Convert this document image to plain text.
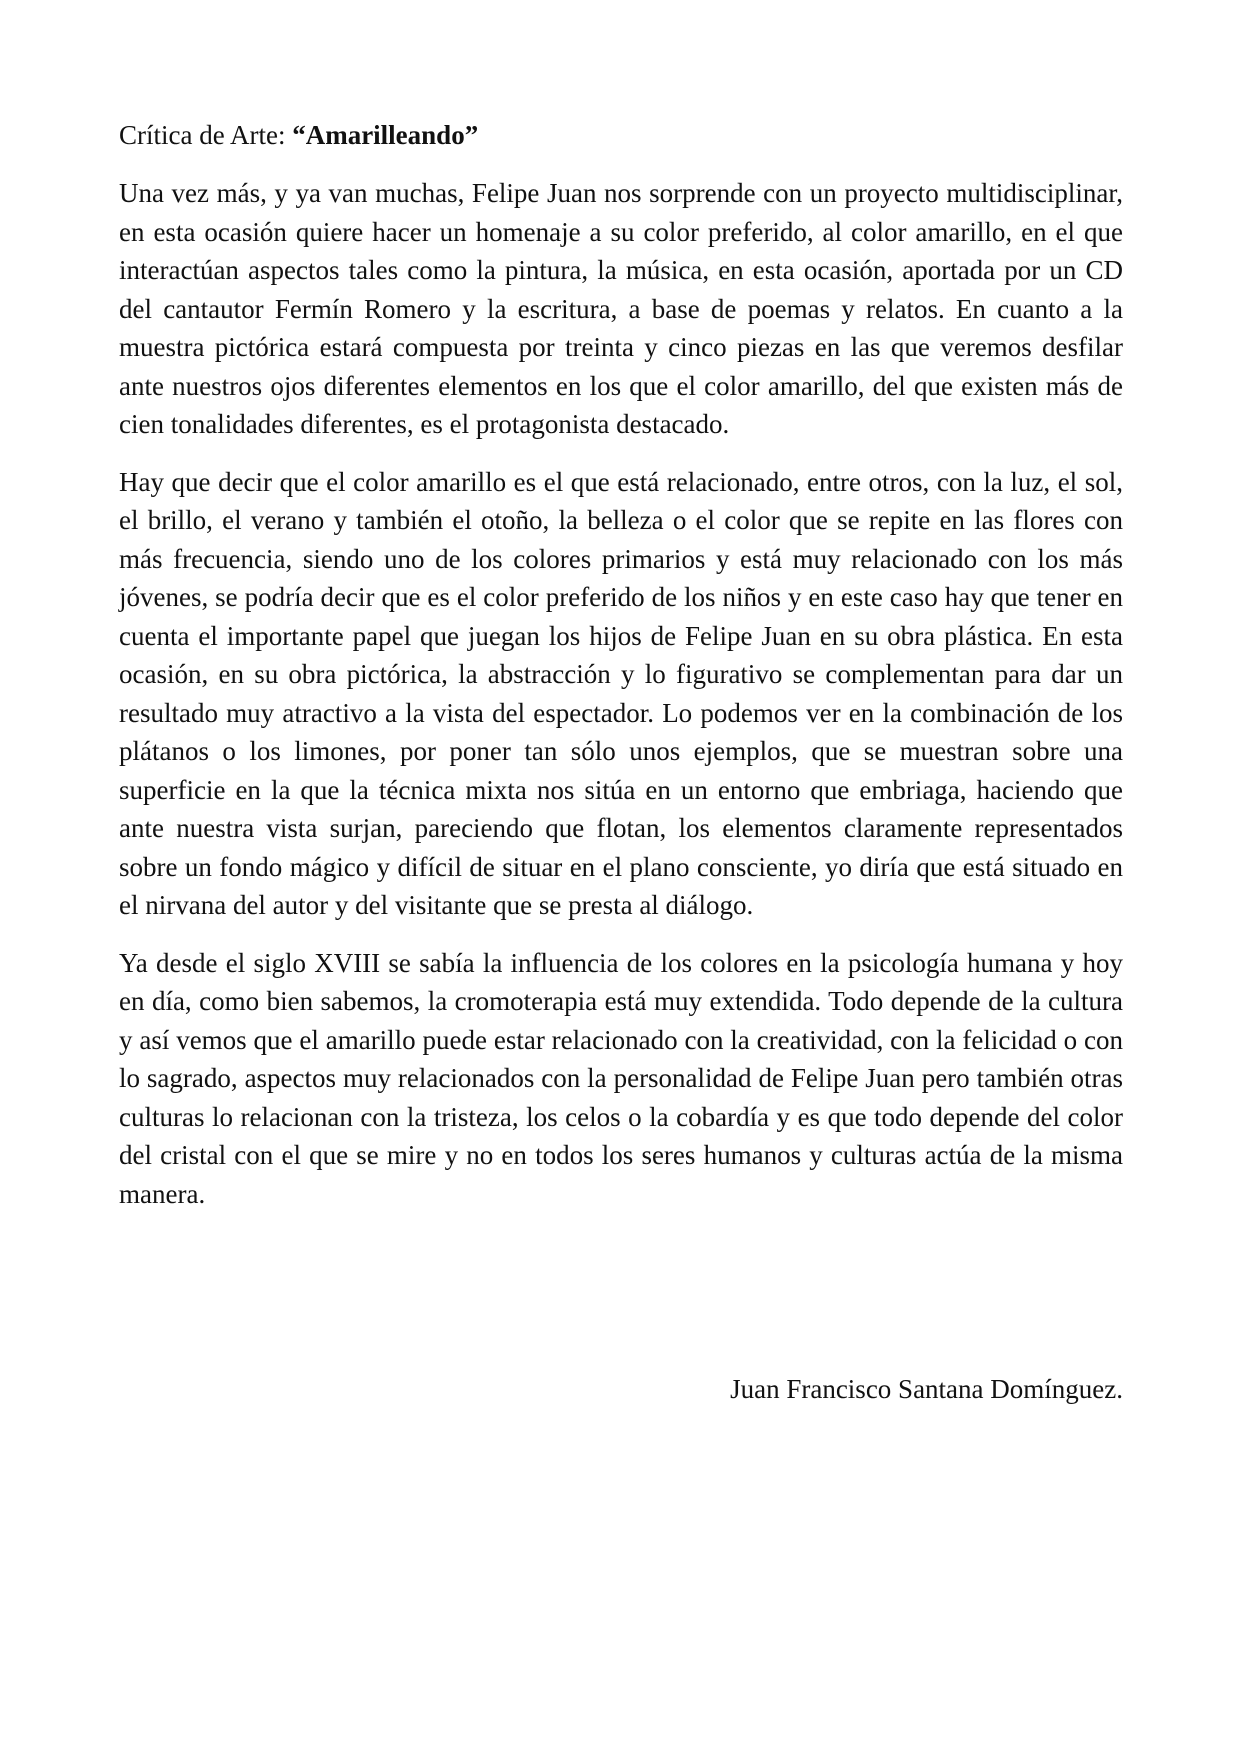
Crítica de Arte: “Amarilleando”

Una vez más, y ya van muchas, Felipe Juan nos sorprende con un proyecto multidisciplinar, en esta ocasión quiere hacer un homenaje a su color preferido, al color amarillo, en el que interactúan aspectos tales como la pintura, la música, en esta ocasión, aportada por un CD del cantautor Fermín Romero y la escritura, a base de poemas y relatos. En cuanto a la muestra pictórica estará compuesta por treinta y cinco piezas en las que veremos desfilar ante nuestros ojos diferentes elementos en los que el color amarillo, del que existen más de cien tonalidades diferentes, es el protagonista destacado.

Hay que decir que el color amarillo es el que está relacionado, entre otros, con la luz, el sol, el brillo, el verano y también el otoño, la belleza o el color que se repite en las flores con más frecuencia, siendo uno de los colores primarios y está muy relacionado con los más jóvenes, se podría decir que es el color preferido de los niños y en este caso hay que tener en cuenta el importante papel que juegan los hijos de Felipe Juan en su obra plástica. En esta ocasión, en su obra pictórica, la abstracción y lo figurativo se complementan para dar un resultado muy atractivo a la vista del espectador. Lo podemos ver en la combinación de los plátanos o los limones, por poner tan sólo unos ejemplos, que se muestran sobre una superficie en la que la técnica mixta nos sitúa en un entorno que embriaga, haciendo que ante nuestra vista surjan, pareciendo que flotan, los elementos claramente representados sobre un fondo mágico y difícil de situar en el plano consciente, yo diría que está situado en el nirvana del autor y del visitante que se presta al diálogo.

Ya desde el siglo XVIII se sabía la influencia de los colores en la psicología humana y hoy en día, como bien sabemos, la cromoterapia está muy extendida. Todo depende de la cultura y así vemos que el amarillo puede estar relacionado con la creatividad, con la felicidad o con lo sagrado, aspectos muy relacionados con la personalidad de Felipe Juan pero también otras culturas lo relacionan con la tristeza, los celos o la cobardía y es que todo depende del color del cristal con el que se mire y no en todos los seres humanos y culturas actúa de la misma manera.

Juan Francisco Santana Domínguez.
